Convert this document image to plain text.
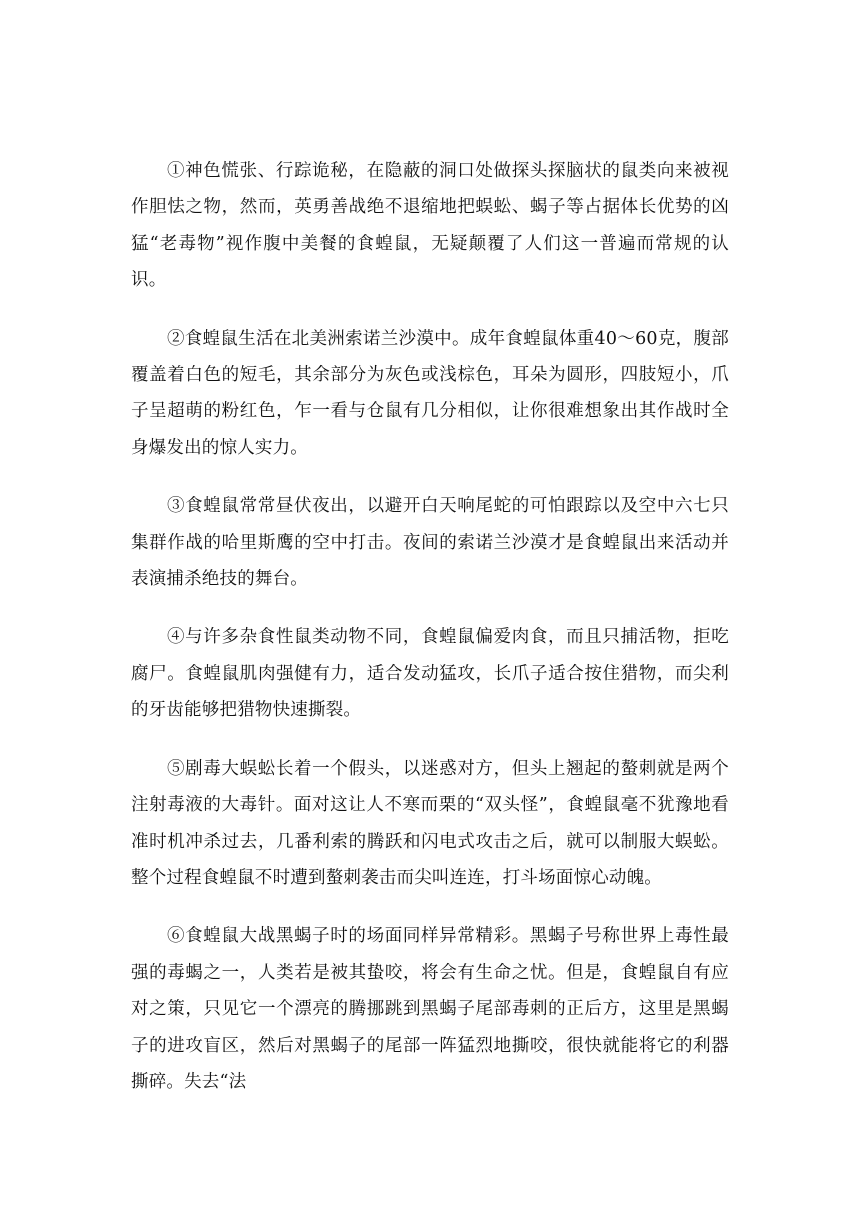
①神色慌张、行踪诡秘，在隐蔽的洞口处做探头探脑状的鼠类向来被视作胆怯之物，然而，英勇善战绝不退缩地把蜈蚣、蝎子等占据体长优势的凶猛“老毒物”视作腹中美餐的食蝗鼠，无疑颠覆了人们这一普遍而常规的认识。

②食蝗鼠生活在北美洲索诺兰沙漠中。成年食蝗鼠体重40～60克，腹部覆盖着白色的短毛，其余部分为灰色或浅棕色，耳朵为圆形，四肢短小，爪子呈超萌的粉红色，乍一看与仓鼠有几分相似，让你很难想象出其作战时全身爆发出的惊人实力。

③食蝗鼠常常昼伏夜出，以避开白天响尾蛇的可怕跟踪以及空中六七只集群作战的哈里斯鹰的空中打击。夜间的索诺兰沙漠才是食蝗鼠出来活动并表演捕杀绝技的舞台。

④与许多杂食性鼠类动物不同，食蝗鼠偏爱肉食，而且只捕活物，拒吃腐尸。食蝗鼠肌肉强健有力，适合发动猛攻，长爪子适合按住猎物，而尖利的牙齿能够把猎物快速撕裂。

⑤剧毒大蜈蚣长着一个假头，以迷惑对方，但头上翘起的螯刺就是两个注射毒液的大毒针。面对这让人不寒而栗的“双头怪”，食蝗鼠毫不犹豫地看准时机冲杀过去，几番利索的腾跃和闪电式攻击之后，就可以制服大蜈蚣。整个过程食蝗鼠不时遭到螯刺袭击而尖叫连连，打斗场面惊心动魄。

⑥食蝗鼠大战黑蝎子时的场面同样异常精彩。黑蝎子号称世界上毒性最强的毒蝎之一，人类若是被其蛰咬，将会有生命之忧。但是，食蝗鼠自有应对之策，只见它一个漂亮的腾挪跳到黑蝎子尾部毒刺的正后方，这里是黑蝎子的进攻盲区，然后对黑蝎子的尾部一阵猛烈地撕咬，很快就能将它的利器撕碎。失去“法
